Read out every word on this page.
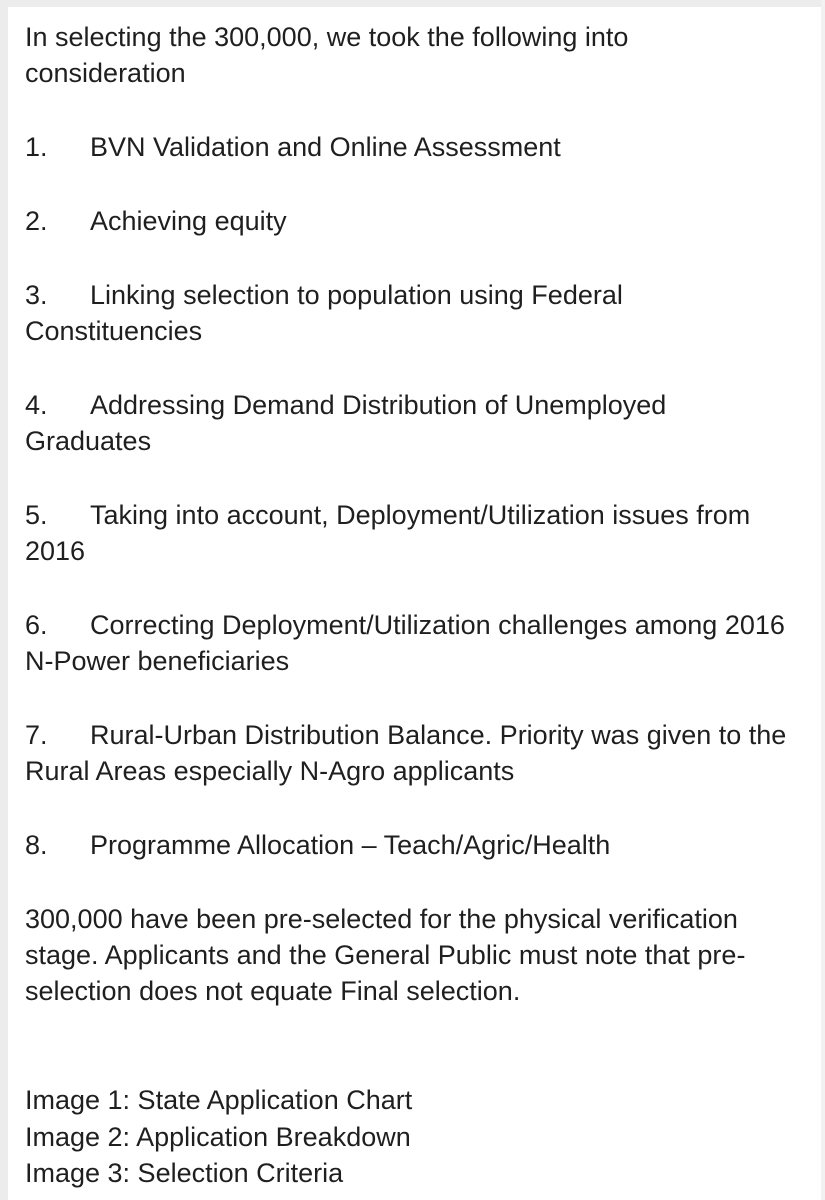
In selecting the 300,000, we took the following into consideration

1. BVN Validation and Online Assessment

2. Achieving equity

3. Linking selection to population using Federal Constituencies

4. Addressing Demand Distribution of Unemployed Graduates

5. Taking into account, Deployment/Utilization issues from 2016

6. Correcting Deployment/Utilization challenges among 2016 N-Power beneficiaries

7. Rural-Urban Distribution Balance. Priority was given to the Rural Areas especially N-Agro applicants

8. Programme Allocation – Teach/Agric/Health

300,000 have been pre-selected for the physical verification stage. Applicants and the General Public must note that pre-selection does not equate Final selection.

Image 1: State Application Chart

Image 2: Application Breakdown

Image 3: Selection Criteria
